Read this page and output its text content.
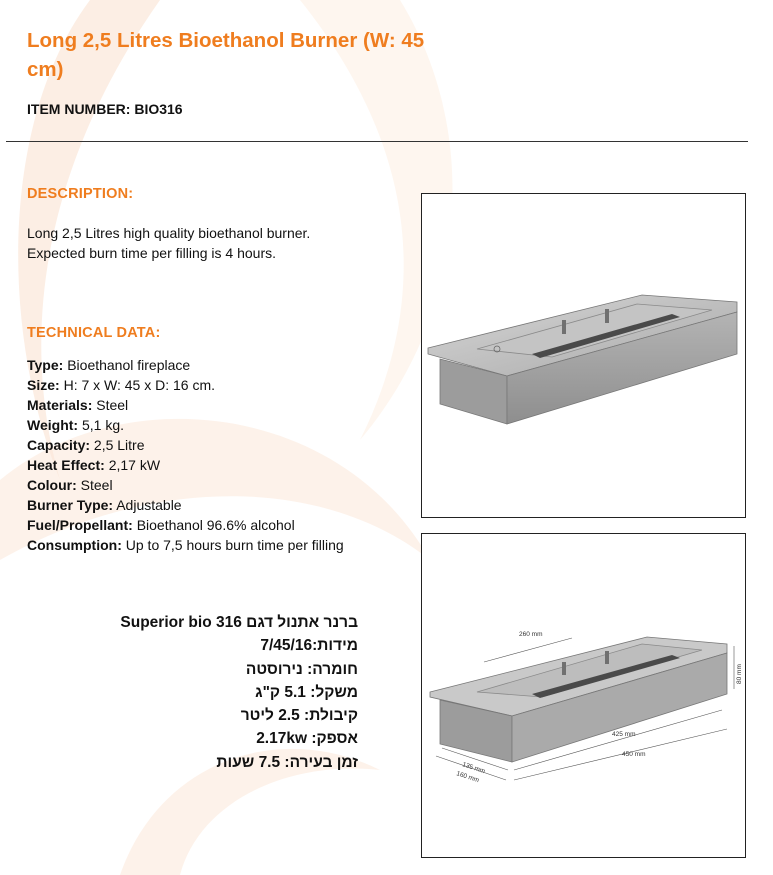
Long 2,5 Litres Bioethanol Burner (W: 45 cm)
ITEM NUMBER: BIO316
DESCRIPTION:
Long 2,5 Litres high quality bioethanol burner.
Expected burn time per filling is 4 hours.
TECHNICAL DATA:
Type: Bioethanol fireplace
Size: H: 7 x W: 45 x D: 16 cm.
Materials: Steel
Weight: 5,1 kg.
Capacity: 2,5 Litre
Heat Effect: 2,17 kW
Colour: Steel
Burner Type: Adjustable
Fuel/Propellant: Bioethanol 96.6% alcohol
Consumption: Up to 7,5 hours burn time per filling
ברנר אתנול דגם Superior bio 316
מידות:7/45/16
חומרה: נירוסטה
משקל: 5.1 ק"ג
קיבולת: 2.5 ליטר
אספק: 2.17kw
זמן בעירה: 7.5 שעות
260 mm
80 mm
425 mm
450 mm
135 mm
160 mm
